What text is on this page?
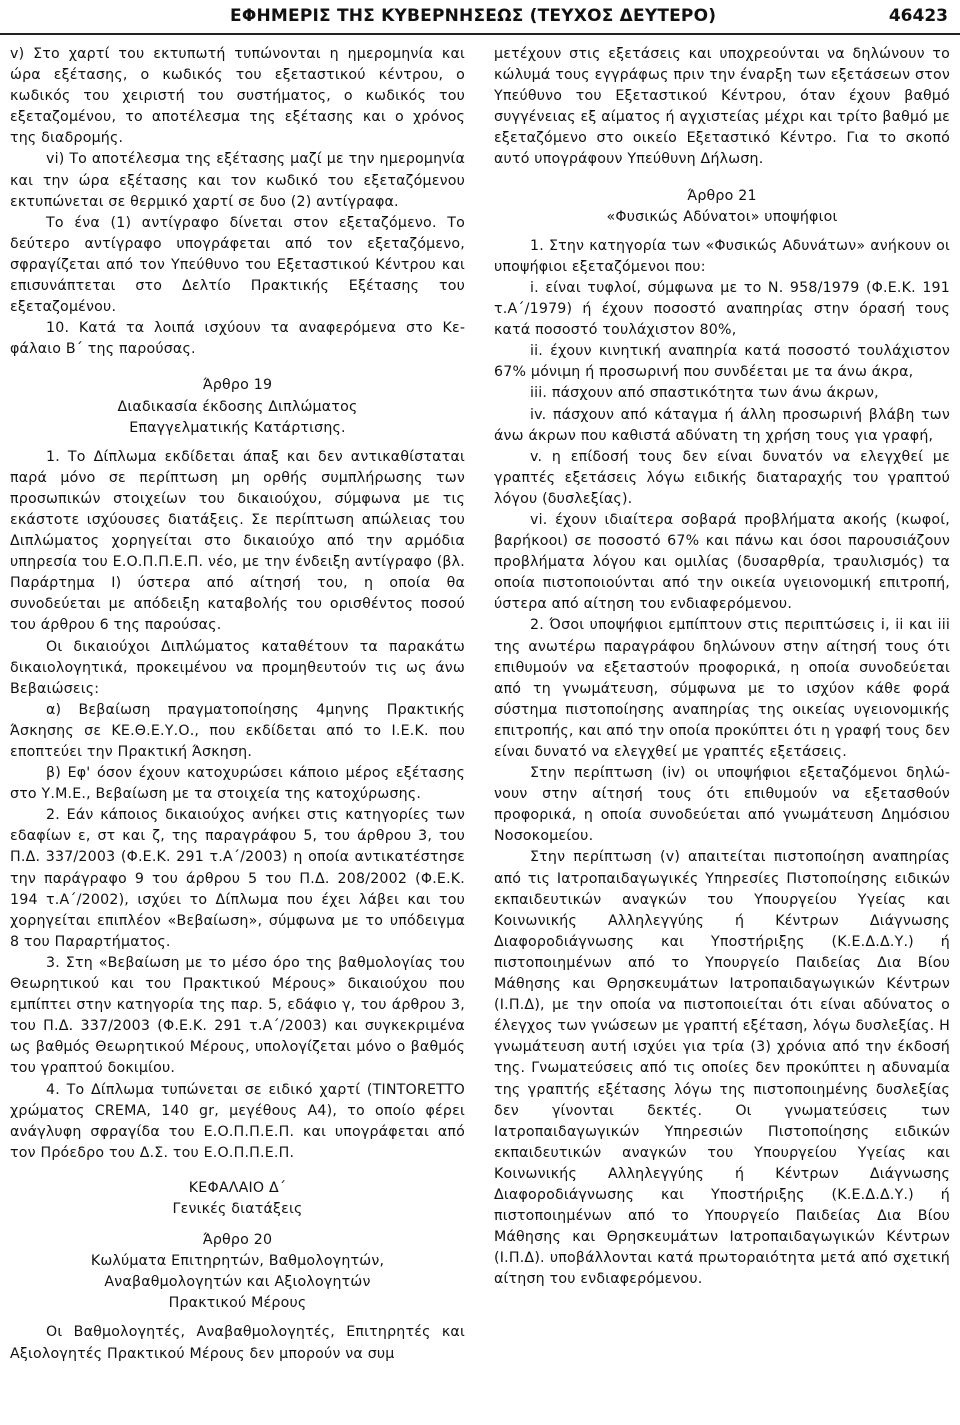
ΕΦΗΜΕΡΙΣ ΤΗΣ ΚΥΒΕΡΝΗΣΕΩΣ (ΤΕΥΧΟΣ ΔΕΥΤΕΡΟ)	46423

v) Στο χαρτί του εκτυπωτή τυπώνονται η ημερομηνία και ώρα εξέτασης, ο κωδικός του εξεταστικού κέντρου, ο κωδικός του χειριστή του συστήματος, ο κωδικός του εξεταζομένου, το αποτέλεσμα της εξέτασης και ο χρόνος της διαδρομής.

vi) Το αποτέλεσμα της εξέτασης μαζί με την ημερομηνία και την ώρα εξέτασης και τον κωδικό του εξεταζόμενου εκτυπώνεται σε θερμικό χαρτί σε δυο (2) αντίγραφα.

Το ένα (1) αντίγραφο δίνεται στον εξεταζόμενο. Το δεύτερο αντίγραφο υπογράφεται από τον εξεταζόμενο, σφραγίζεται από τον Υπεύθυνο του Εξεταστικού Κέντρου και επισυνάπτεται στο Δελτίο Πρακτικής Εξέτασης του εξεταζομένου.

10. Κατά τα λοιπά ισχύουν τα αναφερόμενα στο Κεφάλαιο Β΄ της παρούσας.

Άρθρο 19

Διαδικασία έκδοσης Διπλώματος

Επαγγελματικής Κατάρτισης.

1. Το Δίπλωμα εκδίδεται άπαξ και δεν αντικαθίσταται παρά μόνο σε περίπτωση μη ορθής συμπλήρωσης των προσωπικών στοιχείων του δικαιούχου, σύμφωνα με τις εκάστοτε ισχύουσες διατάξεις. Σε περίπτωση απώλειας του Διπλώματος χορηγείται στο δικαιούχο από την αρμόδια υπηρεσία του Ε.Ο.Π.Π.Ε.Π. νέο, με την ένδειξη αντίγραφο (βλ. Παράρτημα Ι) ύστερα από αίτησή του, η οποία θα συνοδεύεται με απόδειξη καταβολής του ορισθέντος ποσού του άρθρου 6 της παρούσας.

Οι δικαιούχοι Διπλώματος καταθέτουν τα παρακάτω δικαιολογητικά, προκειμένου να προμηθευτούν τις ως άνω Βεβαιώσεις:

α) Βεβαίωση πραγματοποίησης 4μηνης Πρακτικής Άσκησης σε ΚΕ.Θ.Ε.Υ.Ο., που εκδίδεται από το Ι.Ε.Κ. που εποπτεύει την Πρακτική Άσκηση.

β) Εφ' όσον έχουν κατοχυρώσει κάποιο μέρος εξέτασης στο Υ.Μ.Ε., Βεβαίωση με τα στοιχεία της κατοχύρωσης.

2. Εάν κάποιος δικαιούχος ανήκει στις κατηγορίες των εδαφίων ε, στ και ζ, της παραγράφου 5, του άρθρου 3, του Π.Δ. 337/2003 (Φ.Ε.Κ. 291 τ.Α΄/2003) η οποία αντικατέστησε την παράγραφο 9 του άρθρου 5 του Π.Δ. 208/2002 (Φ.Ε.Κ. 194 τ.Α΄/2002), ισχύει το Δίπλωμα που έχει λάβει και του χορηγείται επιπλέον «Βεβαίωση», σύμφωνα με το υπόδειγμα 8 του Παραρτήματος.

3. Στη «Βεβαίωση με το μέσο όρο της βαθμολογίας του Θεωρητικού και του Πρακτικού Μέρους» δικαιούχου που εμπίπτει στην κατηγορία της παρ. 5, εδάφιο γ, του άρθρου 3, του Π.Δ. 337/2003 (Φ.Ε.Κ. 291 τ.Α΄/2003) και συγκεκριμένα ως βαθμός Θεωρητικού Μέρους, υπολογίζεται μόνο ο βαθμός του γραπτού δοκιμίου.

4. Το Δίπλωμα τυπώνεται σε ειδικό χαρτί (TINTORETTO χρώματος CREMA, 140 gr, μεγέθους Α4), το οποίο φέρει ανάγλυφη σφραγίδα του Ε.Ο.Π.Π.Ε.Π. και υπογράφεται από τον Πρόεδρο του Δ.Σ. του Ε.Ο.Π.Π.Ε.Π.

ΚΕΦΑΛΑΙΟ Δ΄

Γενικές διατάξεις

Άρθρο 20

Κωλύματα Επιτηρητών, Βαθμολογητών,

Αναβαθμολογητών και Αξιολογητών

Πρακτικού Μέρους

Οι Βαθμολογητές, Αναβαθμολογητές, Επιτηρητές και Αξιολογητές Πρακτικού Μέρους δεν μπορούν να συμ

μετέχουν στις εξετάσεις και υποχρεούνται να δηλώνουν το κώλυμά τους εγγράφως πριν την έναρξη των εξετάσεων στον Υπεύθυνο του Εξεταστικού Κέντρου, όταν έχουν βαθμό συγγένειας εξ αίματος ή αγχιστείας μέχρι και τρίτο βαθμό με εξεταζόμενο στο οικείο Εξεταστικό Κέντρο. Για το σκοπό αυτό υπογράφουν Υπεύθυνη Δήλωση.

Άρθρο 21

«Φυσικώς Αδύνατοι» υποψήφιοι

1. Στην κατηγορία των «Φυσικώς Αδυνάτων» ανήκουν οι υποψήφιοι εξεταζόμενοι που:

i. είναι τυφλοί, σύμφωνα με το Ν. 958/1979 (Φ.Ε.Κ. 191 τ.Α΄/1979) ή έχουν ποσοστό αναπηρίας στην όρασή τους κατά ποσοστό τουλάχιστον 80%,

ii. έχουν κινητική αναπηρία κατά ποσοστό τουλάχιστον 67% μόνιμη ή προσωρινή που συνδέεται με τα άνω άκρα,

iii. πάσχουν από σπαστικότητα των άνω άκρων,

iv. πάσχουν από κάταγμα ή άλλη προσωρινή βλάβη των άνω άκρων που καθιστά αδύνατη τη χρήση τους για γραφή,

v. η επίδοσή τους δεν είναι δυνατόν να ελεγχθεί με γραπτές εξετάσεις λόγω ειδικής διαταραχής του γραπτού λόγου (δυσλεξίας).

vi. έχουν ιδιαίτερα σοβαρά προβλήματα ακοής (κωφοί, βαρήκοοι) σε ποσοστό 67% και πάνω και όσοι παρουσιάζουν προβλήματα λόγου και ομιλίας (δυσαρθρία, τραυλισμός) τα οποία πιστοποιούνται από την οικεία υγειονομική επιτροπή, ύστερα από αίτηση του ενδιαφερόμενου.

2. Όσοι υποψήφιοι εμπίπτουν στις περιπτώσεις i, ii και iii της ανωτέρω παραγράφου δηλώνουν στην αίτησή τους ότι επιθυμούν να εξεταστούν προφορικά, η οποία συνοδεύεται από τη γνωμάτευση, σύμφωνα με το ισχύον κάθε φορά σύστημα πιστοποίησης αναπηρίας της οικείας υγειονομικής επιτροπής, και από την οποία προκύπτει ότι η γραφή τους δεν είναι δυνατό να ελεγχθεί με γραπτές εξετάσεις.

Στην περίπτωση (iv) οι υποψήφιοι εξεταζόμενοι δηλώνουν στην αίτησή τους ότι επιθυμούν να εξετασθούν προφορικά, η οποία συνοδεύεται από γνωμάτευση Δημόσιου Νοσοκομείου.

Στην περίπτωση (v) απαιτείται πιστοποίηση αναπηρίας από τις Ιατροπαιδαγωγικές Υπηρεσίες Πιστοποίησης ειδικών εκπαιδευτικών αναγκών του Υπουργείου Υγείας και Κοινωνικής Αλληλεγγύης ή Κέντρων Διάγνωσης Διαφοροδιάγνωσης και Υποστήριξης (Κ.Ε.Δ.Δ.Υ.) ή πιστοποιημένων από το Υπουργείο Παιδείας Δια Βίου Μάθησης και Θρησκευμάτων Ιατροπαιδαγωγικών Κέντρων (Ι.Π.Δ), με την οποία να πιστοποιείται ότι είναι αδύνατος ο έλεγχος των γνώσεων με γραπτή εξέταση, λόγω δυσλεξίας. Η γνωμάτευση αυτή ισχύει για τρία (3) χρόνια από την έκδοσή της. Γνωματεύσεις από τις οποίες δεν προκύπτει η αδυναμία της γραπτής εξέτασης λόγω της πιστοποιημένης δυσλεξίας δεν γίνονται δεκτές. Οι γνωματεύσεις των Ιατροπαιδαγωγικών Υπηρεσιών Πιστοποίησης ειδικών εκπαιδευτικών αναγκών του Υπουργείου Υγείας και Κοινωνικής Αλληλεγγύης ή Κέντρων Διάγνωσης Διαφοροδιάγνωσης και Υποστήριξης (Κ.Ε.Δ.Δ.Υ.) ή πιστοποιημένων από το Υπουργείο Παιδείας Δια Βίου Μάθησης και Θρησκευμάτων Ιατροπαιδαγωγικών Κέντρων (Ι.Π.Δ). υποβάλλονται κατά πρωτοραιότητα μετά από σχετική αίτηση του ενδιαφερόμενου.
